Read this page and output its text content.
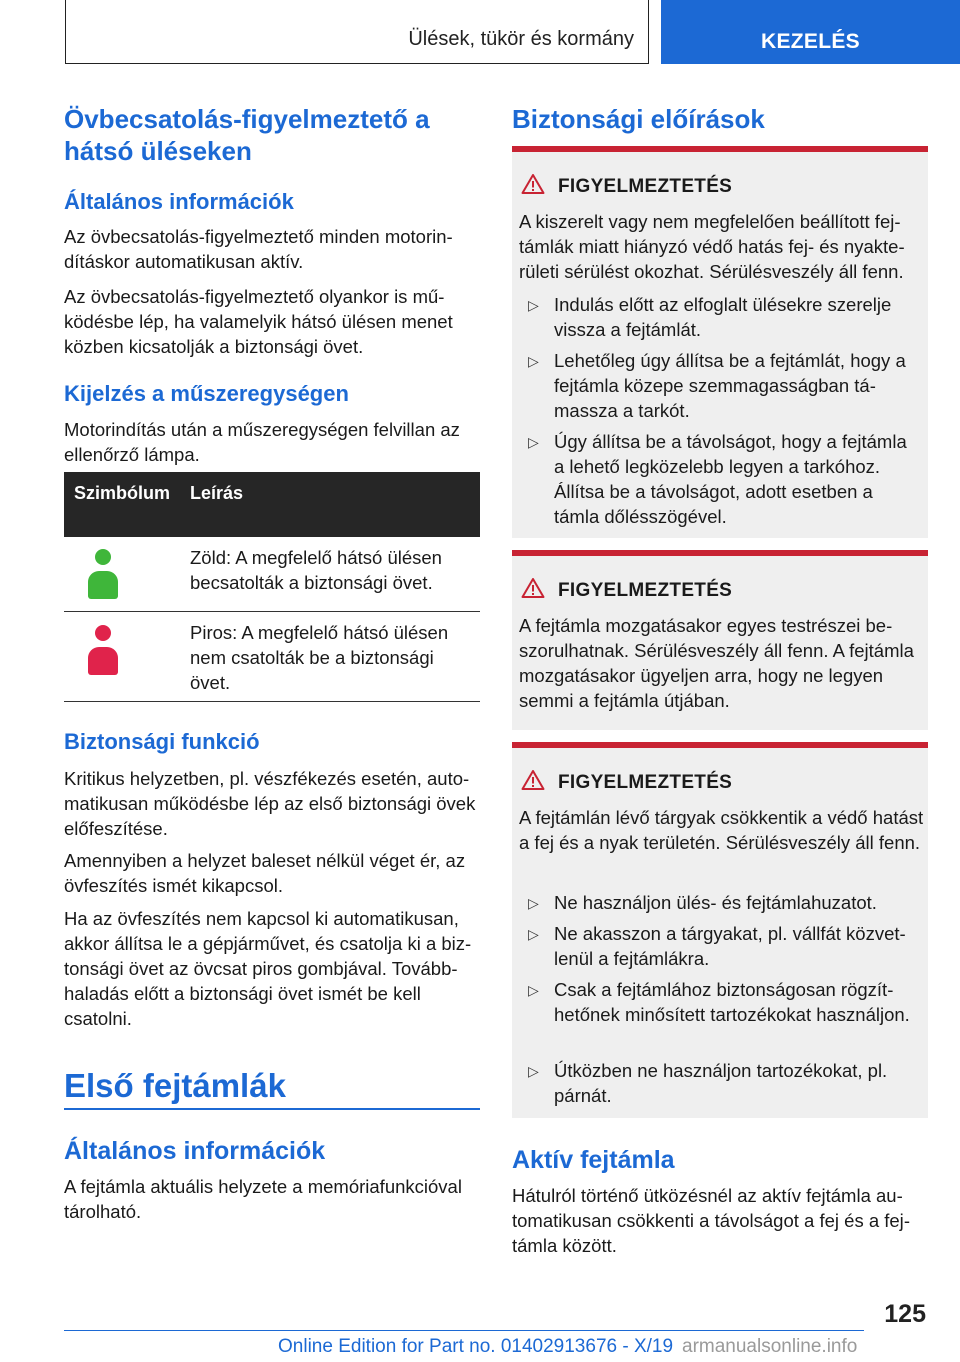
Ülések, tükör és kormány	KEZELÉS
Övbecsatolás-figyelmeztető a hátsó üléseken
Általános információk
Az övbecsatolás-figyelmeztető minden motorindításkor automatikusan aktív.
Az övbecsatolás-figyelmeztető olyankor is működésbe lép, ha valamelyik hátsó ülésen menet közben kicsatolják a biztonsági övet.
Kijelzés a műszeregységen
Motorindítás után a műszeregységen felvillan az ellenőrző lámpa.
Szimbólum Leírás
Zöld: A megfelelő hátsó ülésen becsatolták a biztonsági övet.
Piros: A megfelelő hátsó ülésen nem csatolták be a biztonsági övet.
Biztonsági funkció
Kritikus helyzetben, pl. vészfékezés esetén, automatikusan működésbe lép az első biztonsági övek előfeszítése.
Amennyiben a helyzet baleset nélkül véget ér, az övfeszítés ismét kikapcsol.
Ha az övfeszítés nem kapcsol ki automatikusan, akkor állítsa le a gépjárművet, és csatolja ki a biztonsági övet az övcsat piros gombjával. Továbbhaladás előtt a biztonsági övet ismét be kell csatolni.
Első fejtámlák
Általános információk
A fejtámla aktuális helyzete a memóriafunkcióval tárolható.
Biztonsági előírások
FIGYELMEZTETÉS
A kiszerelt vagy nem megfelelően beállított fejtámlák miatt hiányzó védő hatás fej- és nyakterületi sérülést okozhat. Sérülésveszély áll fenn.
▷ Indulás előtt az elfoglalt ülésekre szerelje vissza a fejtámlát.
▷ Lehetőleg úgy állítsa be a fejtámlát, hogy a fejtámla közepe szemmagasságban támassza a tarkót.
▷ Úgy állítsa be a távolságot, hogy a fejtámla a lehető legközelebb legyen a tarkóhoz. Állítsa be a távolságot, adott esetben a támla dőlésszögével.
FIGYELMEZTETÉS
A fejtámla mozgatásakor egyes testrészei beszorulhatnak. Sérülésveszély áll fenn. A fejtámla mozgatásakor ügyeljen arra, hogy ne legyen semmi a fejtámla útjában.
FIGYELMEZTETÉS
A fejtámlán lévő tárgyak csökkentik a védő hatást a fej és a nyak területén. Sérülésveszély áll fenn.
▷ Ne használjon ülés- és fejtámlahuzatot.
▷ Ne akasszon a tárgyakat, pl. vállfát közvetlenül a fejtámlákra.
▷ Csak a fejtámlához biztonságosan rögzíthetőnek minősített tartozékokat használjon.
▷ Útközben ne használjon tartozékokat, pl. párnát.
Aktív fejtámla
Hátulról történő ütközésnél az aktív fejtámla automatikusan csökkenti a távolságot a fej és a fejtámla között.
125
Online Edition for Part no. 01402913676 - X/19 armanualsonline.info
